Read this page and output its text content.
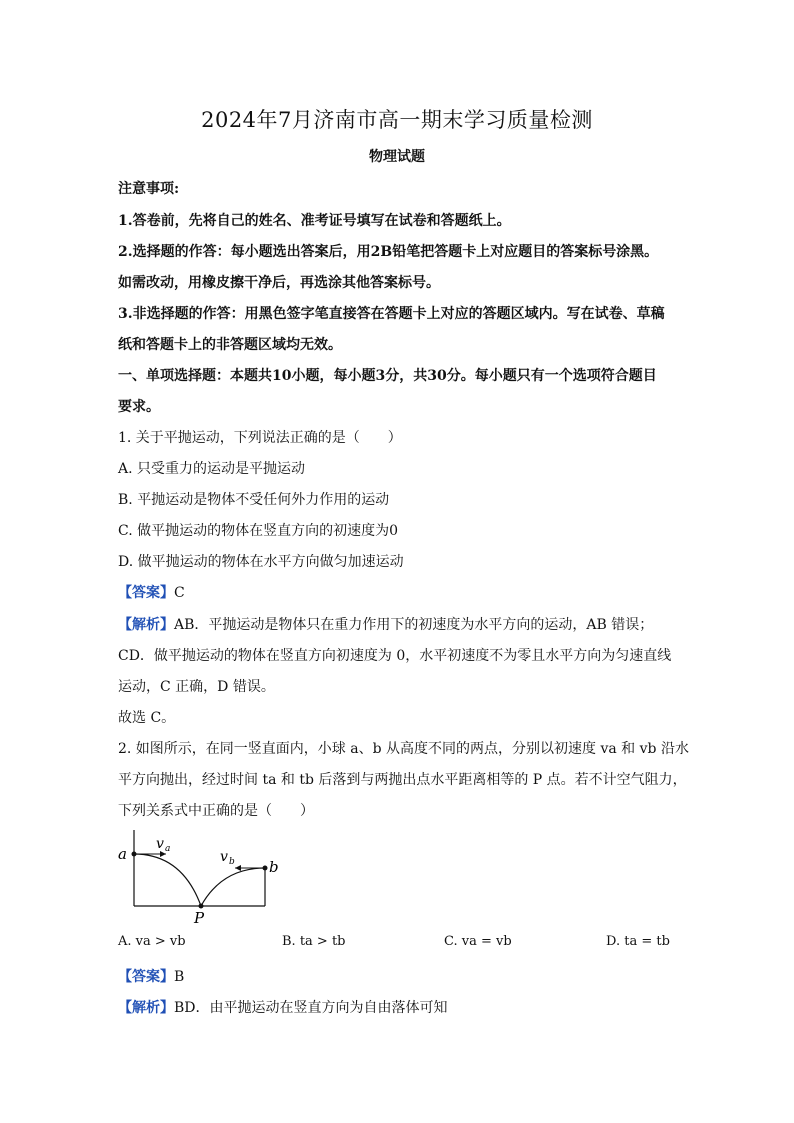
2024年7月济南市高一期末学习质量检测
物理试题
注意事项:
1.答卷前，先将自己的姓名、准考证号填写在试卷和答题纸上。
2.选择题的作答：每小题选出答案后，用2B铅笔把答题卡上对应题目的答案标号涂黑。
如需改动，用橡皮擦干净后，再选涂其他答案标号。
3.非选择题的作答：用黑色签字笔直接答在答题卡上对应的答题区域内。写在试卷、草稿
纸和答题卡上的非答题区域均无效。
一、单项选择题：本题共10小题，每小题3分，共30分。每小题只有一个选项符合题目
要求。
1. 关于平抛运动，下列说法正确的是（　　）
A. 只受重力的运动是平抛运动
B. 平抛运动是物体不受任何外力作用的运动
C. 做平抛运动的物体在竖直方向的初速度为0
D. 做平抛运动的物体在水平方向做匀加速运动
【答案】C
【解析】AB．平抛运动是物体只在重力作用下的初速度为水平方向的运动，AB 错误；
CD．做平抛运动的物体在竖直方向初速度为 0，水平初速度不为零且水平方向为匀速直线
运动，C 正确，D 错误。
故选 C。
2. 如图所示，在同一竖直面内，小球 a、b 从高度不同的两点，分别以初速度 va 和 vb 沿水
平方向抛出，经过时间 ta 和 tb 后落到与两抛出点水平距离相等的 P 点。若不计空气阻力，
下列关系式中正确的是（　　）
a
b
P
v a	v b
A. va > vb	B. ta > tb	C. va = vb	D. ta = tb
【答案】B
【解析】BD．由平抛运动在竖直方向为自由落体可知
